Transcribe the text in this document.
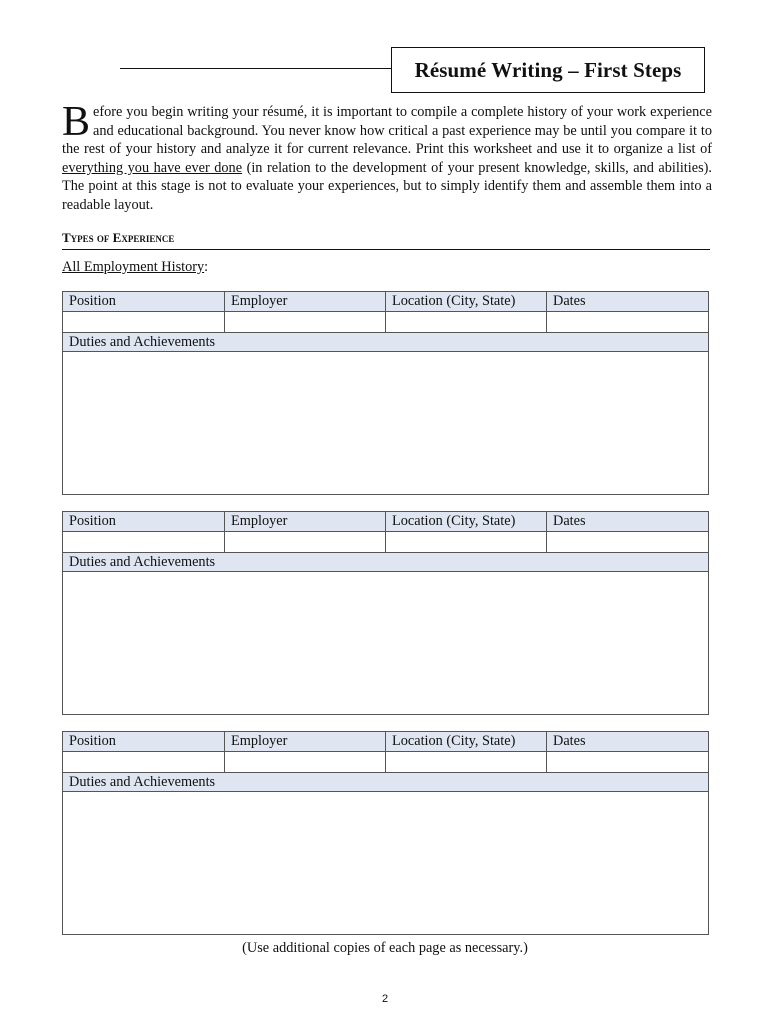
Résumé Writing – First Steps

Before you begin writing your résumé, it is important to compile a complete history of your work experience and educational background. You never know how critical a past experience may be until you compare it to the rest of your history and analyze it for current relevance. Print this worksheet and use it to organize a list of everything you have ever done (in relation to the development of your present knowledge, skills, and abilities). The point at this stage is not to evaluate your experiences, but to simply identify them and assemble them into a readable layout.

Types of Experience
All Employment History:
Position	Employer	Location (City, State)	Dates

Duties and Achievements			

Position	Employer	Location (City, State)	Dates

Duties and Achievements			

Position	Employer	Location (City, State)	Dates

Duties and Achievements			

(Use additional copies of each page as necessary.)
2
